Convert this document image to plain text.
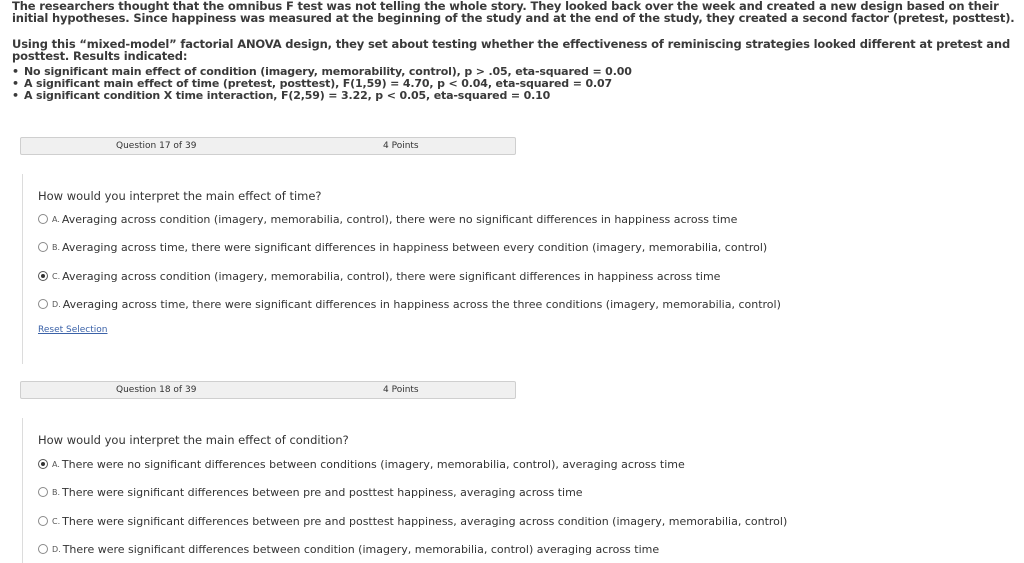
The researchers thought that the omnibus F test was not telling the whole story. They looked back over the week and created a new design based on their initial hypotheses. Since happiness was measured at the beginning of the study and at the end of the study, they created a second factor (pretest, posttest).

Using this “mixed-model” factorial ANOVA design, they set about testing whether the effectiveness of reminiscing strategies looked different at pretest and posttest. Results indicated:

• No significant main effect of condition (imagery, memorability, control), p > .05, eta-squared = 0.00
• A significant main effect of time (pretest, posttest), F(1,59) = 4.70, p < 0.04, eta-squared = 0.07
• A significant condition X time interaction, F(2,59) = 3.22, p < 0.05, eta-squared = 0.10
Question 17 of 39	4 Points
How would you interpret the main effect of time?
A. Averaging across condition (imagery, memorabilia, control), there were no significant differences in happiness across time
B. Averaging across time, there were significant differences in happiness between every condition (imagery, memorabilia, control)
C. Averaging across condition (imagery, memorabilia, control), there were significant differences in happiness across time
D. Averaging across time, there were significant differences in happiness across the three conditions (imagery, memorabilia, control)
Reset Selection
Question 18 of 39	4 Points
How would you interpret the main effect of condition?
A. There were no significant differences between conditions (imagery, memorabilia, control), averaging across time
B. There were significant differences between pre and posttest happiness, averaging across time
C. There were significant differences between pre and posttest happiness, averaging across condition (imagery, memorabilia, control)
D. There were significant differences between condition (imagery, memorabilia, control) averaging across time
